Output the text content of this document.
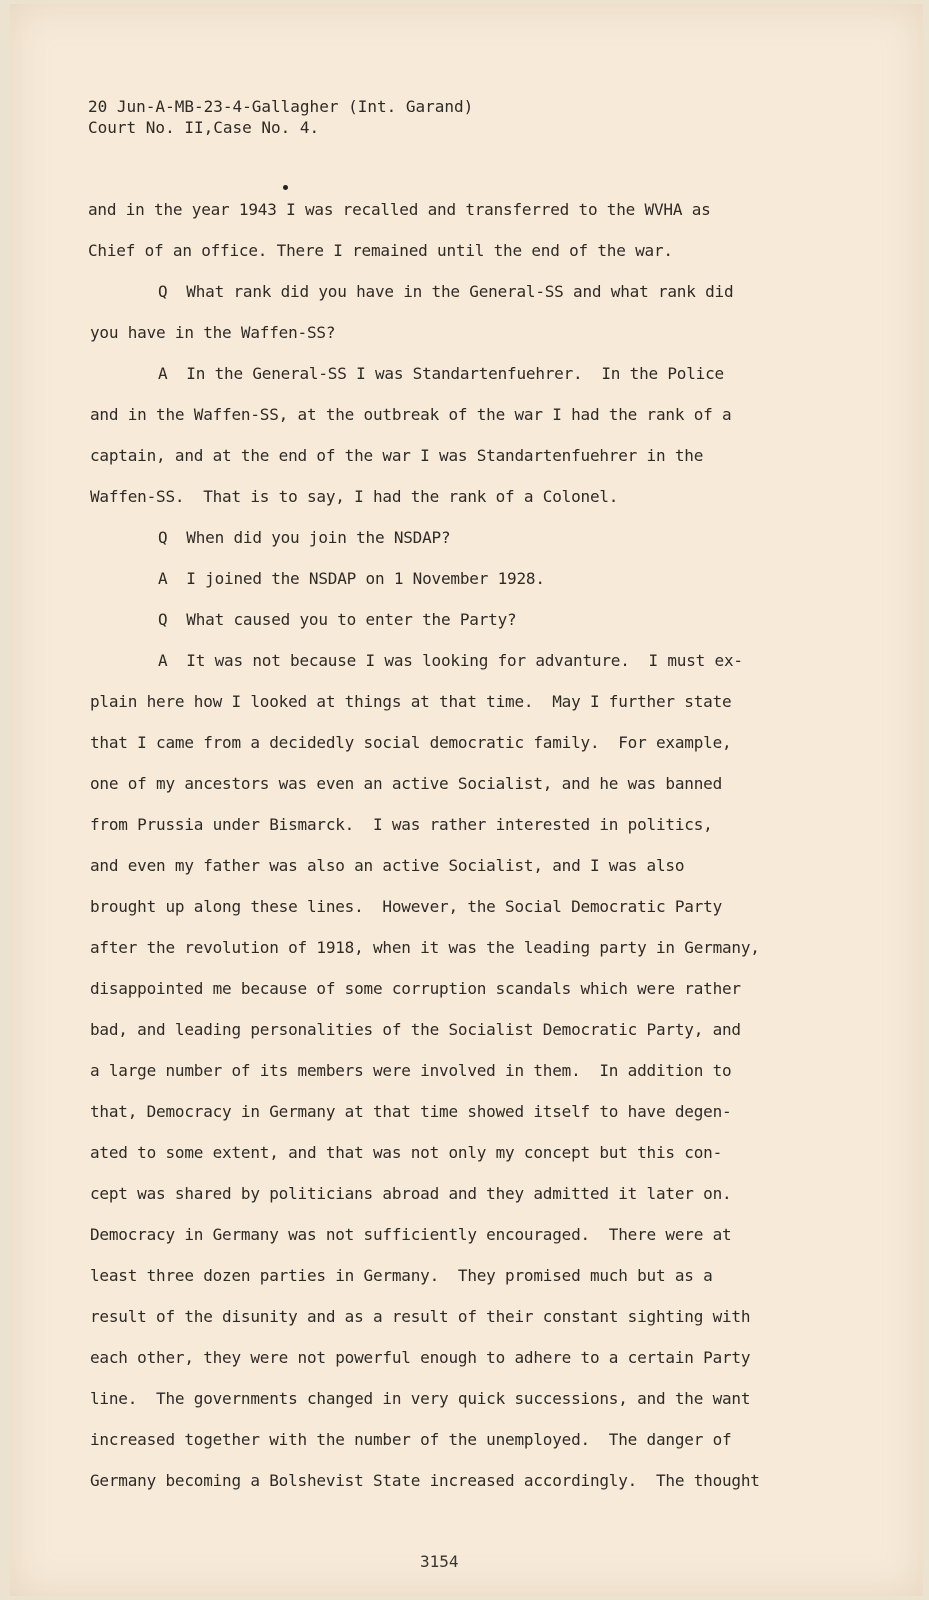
20 Jun-A-MB-23-4-Gallagher (Int. Garand)
Court No. II,Case No. 4.
and in the year 1943 I was recalled and transferred to the WVHA as
Chief of an office. There I remained until the end of the war.
Q  What rank did you have in the General-SS and what rank did
you have in the Waffen-SS?
A  In the General-SS I was Standartenfuehrer.  In the Police
and in the Waffen-SS, at the outbreak of the war I had the rank of a
captain, and at the end of the war I was Standartenfuehrer in the
Waffen-SS.  That is to say, I had the rank of a Colonel.
Q  When did you join the NSDAP?
A  I joined the NSDAP on 1 November 1928.
Q  What caused you to enter the Party?
A  It was not because I was looking for advanture.  I must ex-
plain here how I looked at things at that time.  May I further state
that I came from a decidedly social democratic family.  For example,
one of my ancestors was even an active Socialist, and he was banned
from Prussia under Bismarck.  I was rather interested in politics,
and even my father was also an active Socialist, and I was also
brought up along these lines.  However, the Social Democratic Party
after the revolution of 1918, when it was the leading party in Germany,
disappointed me because of some corruption scandals which were rather
bad, and leading personalities of the Socialist Democratic Party, and
a large number of its members were involved in them.  In addition to
that, Democracy in Germany at that time showed itself to have degen-
ated to some extent, and that was not only my concept but this con-
cept was shared by politicians abroad and they admitted it later on.
Democracy in Germany was not sufficiently encouraged.  There were at
least three dozen parties in Germany.  They promised much but as a
result of the disunity and as a result of their constant sighting with
each other, they were not powerful enough to adhere to a certain Party
line.  The governments changed in very quick successions, and the want
increased together with the number of the unemployed.  The danger of
Germany becoming a Bolshevist State increased accordingly.  The thought
3154
